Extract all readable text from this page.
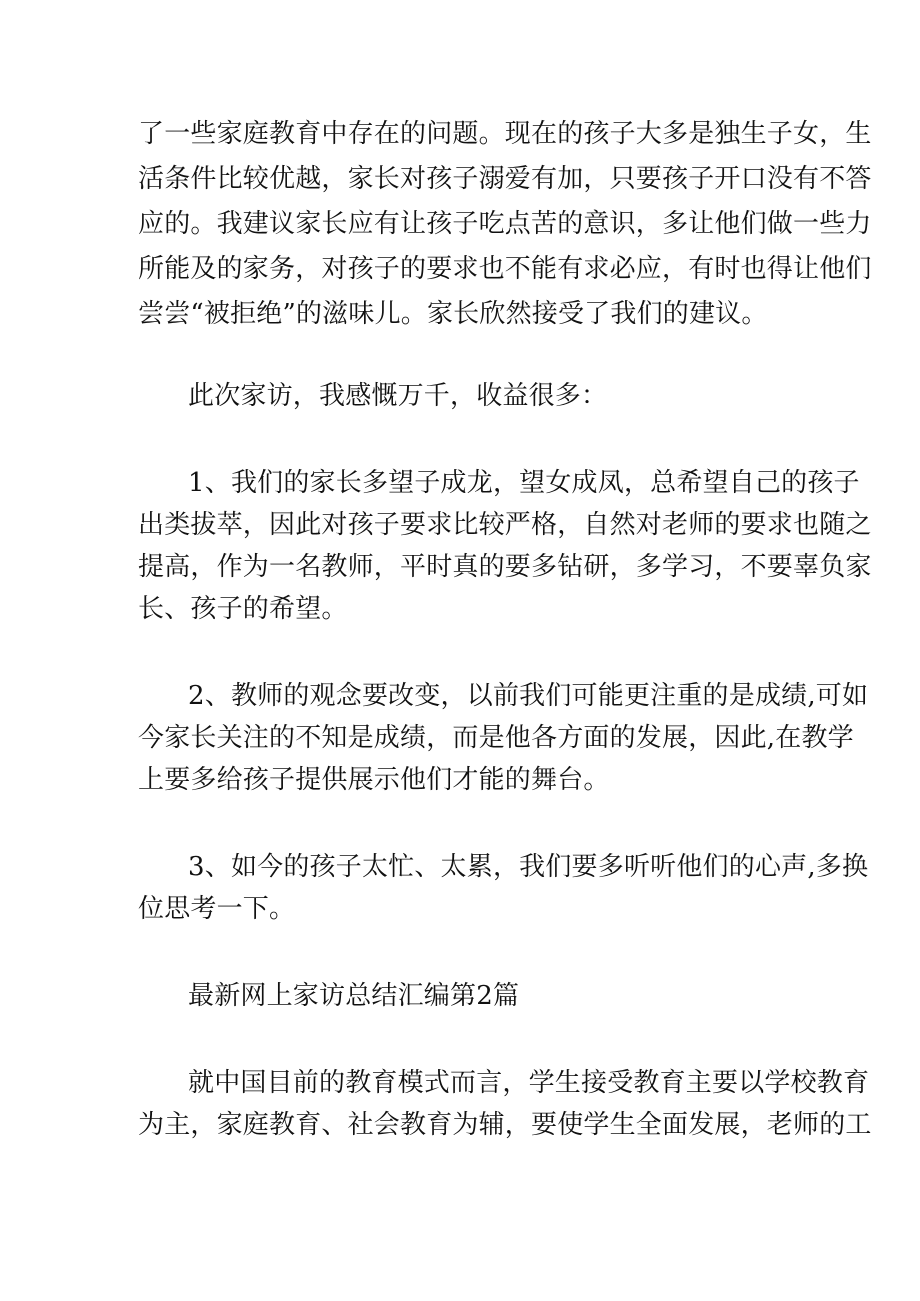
了一些家庭教育中存在的问题。现在的孩子大多是独生子女，生
活条件比较优越，家长对孩子溺爱有加，只要孩子开口没有不答
应的。我建议家长应有让孩子吃点苦的意识，多让他们做一些力
所能及的家务，对孩子的要求也不能有求必应，有时也得让他们
尝尝“被拒绝”的滋味儿。家长欣然接受了我们的建议。
此次家访，我感慨万千，收益很多：
1、我们的家长多望子成龙，望女成凤，总希望自己的孩子
出类拔萃，因此对孩子要求比较严格，自然对老师的要求也随之
提高，作为一名教师，平时真的要多钻研，多学习，不要辜负家
长、孩子的希望。
2、教师的观念要改变，以前我们可能更注重的是成绩,可如
今家长关注的不知是成绩，而是他各方面的发展，因此,在教学
上要多给孩子提供展示他们才能的舞台。
3、如今的孩子太忙、太累，我们要多听听他们的心声,多换
位思考一下。
最新网上家访总结汇编第2篇
就中国目前的教育模式而言，学生接受教育主要以学校教育
为主，家庭教育、社会教育为辅，要使学生全面发展，老师的工
